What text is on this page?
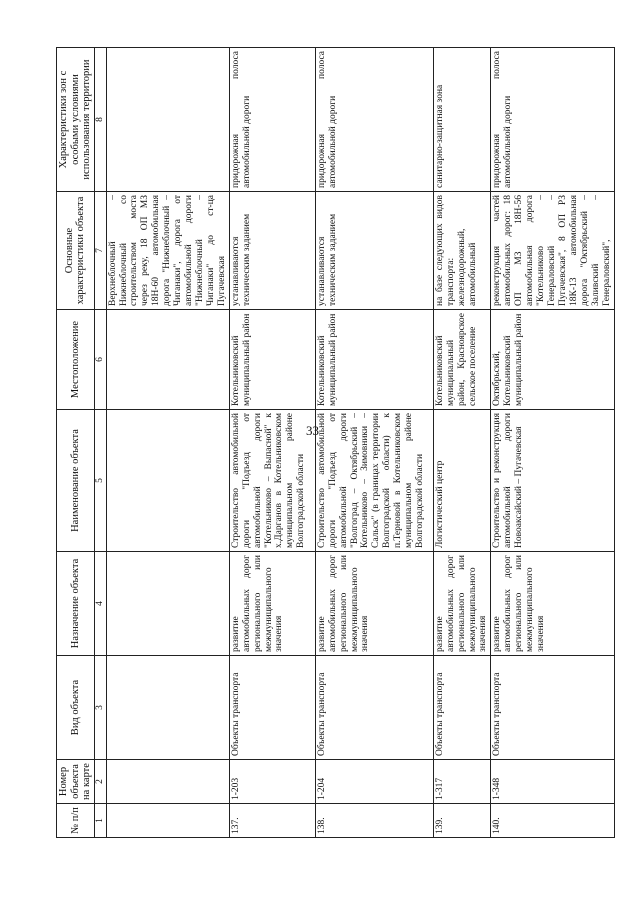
33
№ п/п	Номер объекта на карте	Вид объекта	Назначение объекта	Наименование объекта	Местоположение	Основные характеристики объекта	Характеристики зон с особыми условиями использования территории
1	2	3	4	5	6	7	8
						Верхнеблочный – Нижнеблочный со строительством моста через реку, 18 ОП МЗ 18Н-60 автомобильная дорога "Нижнеблочный – Чиганаки", дорога от автомобильной дороги "Нижнеблочный – Чиганаки" до ст-ца Пугачевская	
137.	1-203	Объекты транспорта	развитие автомобильных дорог регионального или межмуниципального значения	Строительство автомобильной дороги "Подъезд от автомобильной дороги "Котельниково – Выпасной" к х.Дарганов в Котельниковском муниципальном районе Волгоградской области	Котельниковский муниципальный район	устанавливаются техническим заданием	придорожная полоса автомобильной дороги
138.	1-204	Объекты транспорта	развитие автомобильных дорог регионального или межмуниципального значения	Строительство автомобильной дороги "Подъезд от автомобильной дороги "Волгоград – Октябрьский – Котельниково – Зимовники – Сальск" (в границах территории Волгоградской области) к п.Терновой в Котельниковском муниципальном районе Волгоградской области	Котельниковский муниципальный район	устанавливаются техническим заданием	придорожная полоса автомобильной дороги
139.	1-317	Объекты транспорта	развитие автомобильных дорог регионального или межмуниципального значения	Логистический центр	Котельниковский муниципальный район, Красноярское сельское поселение	на базе следующих видов транспорта: железнодорожный, автомобильный	санитарно-защитная зона
140.	1-348	Объекты транспорта	развитие автомобильных дорог регионального или межмуниципального значения	Строительство и реконструкция автомобильной дороги Новоаксайский – Пугачевская	Октябрьский, Котельниковский муниципальный район	реконструкция частей автомобильных дорог: 18 ОП МЗ 18Н-56 автомобильная дорога "Котельниково – Генераловский – Пугачевская", 8 ОП РЗ 18К-13 автомобильная дорога "Октябрьский – Заливский – Генераловский",	придорожная полоса автомобильной дороги
